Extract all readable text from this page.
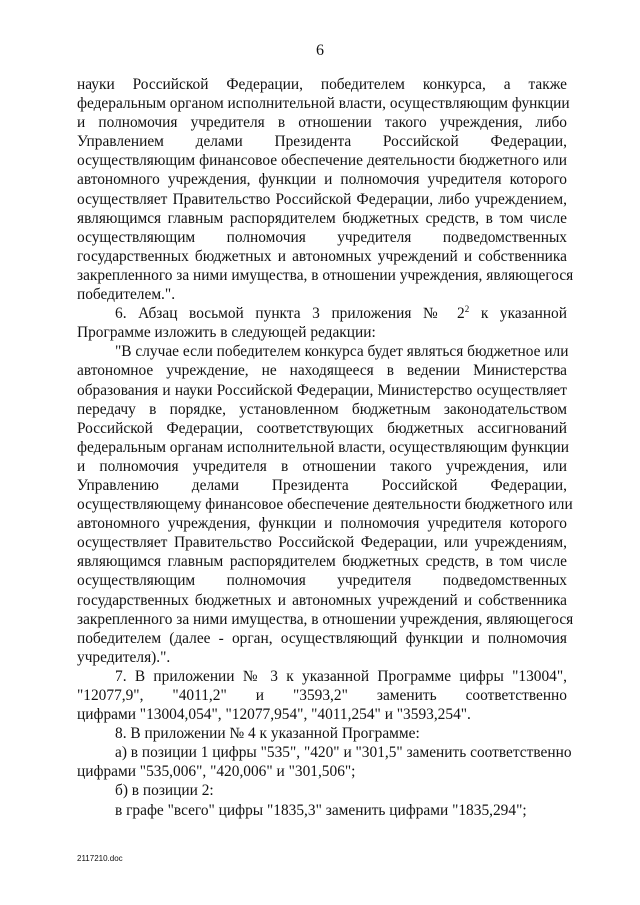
6
науки Российской Федерации, победителем конкурса, а также
федеральным органом исполнительной власти, осуществляющим функции
и полномочия учредителя в отношении такого учреждения, либо
Управлением делами Президента Российской Федерации,
осуществляющим финансовое обеспечение деятельности бюджетного или
автономного учреждения, функции и полномочия учредителя которого
осуществляет Правительство Российской Федерации, либо учреждением,
являющимся главным распорядителем бюджетных средств, в том числе
осуществляющим полномочия учредителя подведомственных
государственных бюджетных и автономных учреждений и собственника
закрепленного за ними имущества, в отношении учреждения, являющегося
победителем.".
6. Абзац восьмой пункта 3 приложения № $2^2$ к указанной
Программе изложить в следующей редакции:
"В случае если победителем конкурса будет являться бюджетное или
автономное учреждение, не находящееся в ведении Министерства
образования и науки Российской Федерации, Министерство осуществляет
передачу в порядке, установленном бюджетным законодательством
Российской Федерации, соответствующих бюджетных ассигнований
федеральным органам исполнительной власти, осуществляющим функции
и полномочия учредителя в отношении такого учреждения, или
Управлению делами Президента Российской Федерации,
осуществляющему финансовое обеспечение деятельности бюджетного или
автономного учреждения, функции и полномочия учредителя которого
осуществляет Правительство Российской Федерации, или учреждениям,
являющимся главным распорядителем бюджетных средств, в том числе
осуществляющим полномочия учредителя подведомственных
государственных бюджетных и автономных учреждений и собственника
закрепленного за ними имущества, в отношении учреждения, являющегося
победителем (далее - орган, осуществляющий функции и полномочия
учредителя).".
7. В приложении № 3 к указанной Программе цифры "13004",
"12077,9", "4011,2" и "3593,2" заменить соответственно
цифрами "13004,054", "12077,954", "4011,254" и "3593,254".
8. В приложении № 4 к указанной Программе:
а) в позиции 1 цифры "535", "420" и "301,5" заменить соответственно
цифрами "535,006", "420,006" и "301,506";
б) в позиции 2:
в графе "всего" цифры "1835,3" заменить цифрами "1835,294";
2117210.doc
